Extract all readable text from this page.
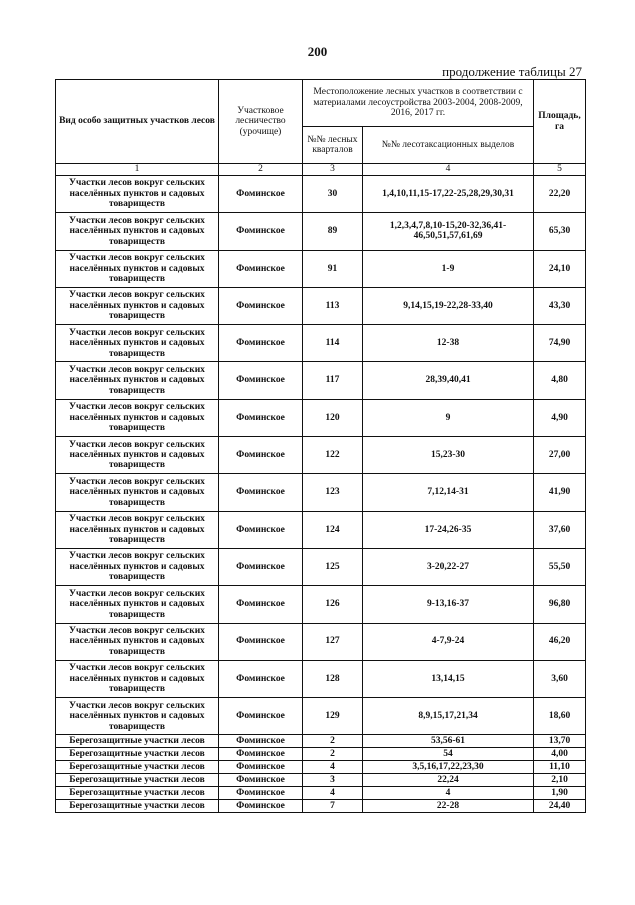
200
продолжение таблицы 27
Вид особо защитных участков лесов	Участковое лесничество (урочище)	Местоположение лесных участков в соответствии с материалами лесоустройства 2003-2004, 2008-2009, 2016, 2017 гг.		Площадь, га
		№№ лесных кварталов	№№ лесотаксационных выделов	
1	2	3	4	5
Участки лесов вокруг сельских населённых пунктов и садовых товариществ	Фоминское	30	1,4,10,11,15-17,22-25,28,29,30,31	22,20
Участки лесов вокруг сельских населённых пунктов и садовых товариществ	Фоминское	89	1,2,3,4,7,8,10-15,20-32,36,41-46,50,51,57,61,69	65,30
Участки лесов вокруг сельских населённых пунктов и садовых товариществ	Фоминское	91	1-9	24,10
Участки лесов вокруг сельских населённых пунктов и садовых товариществ	Фоминское	113	9,14,15,19-22,28-33,40	43,30
Участки лесов вокруг сельских населённых пунктов и садовых товариществ	Фоминское	114	12-38	74,90
Участки лесов вокруг сельских населённых пунктов и садовых товариществ	Фоминское	117	28,39,40,41	4,80
Участки лесов вокруг сельских населённых пунктов и садовых товариществ	Фоминское	120	9	4,90
Участки лесов вокруг сельских населённых пунктов и садовых товариществ	Фоминское	122	15,23-30	27,00
Участки лесов вокруг сельских населённых пунктов и садовых товариществ	Фоминское	123	7,12,14-31	41,90
Участки лесов вокруг сельских населённых пунктов и садовых товариществ	Фоминское	124	17-24,26-35	37,60
Участки лесов вокруг сельских населённых пунктов и садовых товариществ	Фоминское	125	3-20,22-27	55,50
Участки лесов вокруг сельских населённых пунктов и садовых товариществ	Фоминское	126	9-13,16-37	96,80
Участки лесов вокруг сельских населённых пунктов и садовых товариществ	Фоминское	127	4-7,9-24	46,20
Участки лесов вокруг сельских населённых пунктов и садовых товариществ	Фоминское	128	13,14,15	3,60
Участки лесов вокруг сельских населённых пунктов и садовых товариществ	Фоминское	129	8,9,15,17,21,34	18,60
Берегозащитные участки лесов	Фоминское	2	53,56-61	13,70
Берегозащитные участки лесов	Фоминское	2	54	4,00
Берегозащитные участки лесов	Фоминское	4	3,5,16,17,22,23,30	11,10
Берегозащитные участки лесов	Фоминское	3	22,24	2,10
Берегозащитные участки лесов	Фоминское	4	4	1,90
Берегозащитные участки лесов	Фоминское	7	22-28	24,40
